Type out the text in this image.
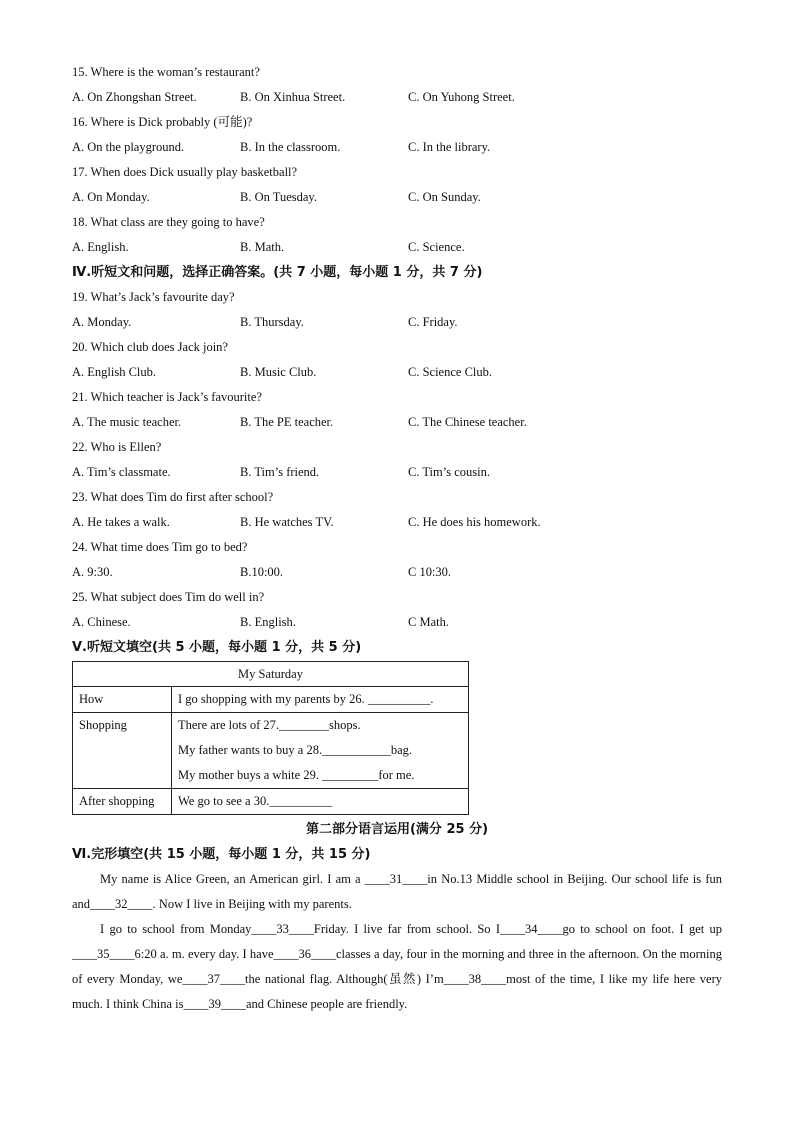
15. Where is the woman’s restaurant?
A. On Zhongshan Street.	B. On Xinhua Street.	C. On Yuhong Street.
16. Where is Dick probably (可能)?
A. On the playground.	B. In the classroom.	C. In the library.
17. When does Dick usually play basketball?
A. On Monday.	B. On Tuesday.	C. On Sunday.
18. What class are they going to have?
A. English.	B. Math.	C. Science.
Ⅳ.听短文和问题，选择正确答案。(共 7 小题，每小题 1 分，共 7 分)
19. What’s Jack’s favourite day?
A. Monday.	B. Thursday.	C. Friday.
20. Which club does Jack join?
A. English Club.	B. Music Club.	C. Science Club.
21. Which teacher is Jack’s favourite?
A. The music teacher.	B. The PE teacher.	C. The Chinese teacher.
22. Who is Ellen?
A. Tim’s classmate.	B. Tim’s friend.	C. Tim’s cousin.
23. What does Tim do first after school?
A. He takes a walk.	B. He watches TV.	C. He does his homework.
24. What time does Tim go to bed?
A. 9:30.	B.10:00.	C 10:30.
25. What subject does Tim do well in?
A. Chinese.	B. English.	C Math.
Ⅴ.听短文填空(共 5 小题，每小题 1 分，共 5 分)
My Saturday	
How	I go shopping with my parents by 26. __________.

Shopping	There are lots of 27.________shops.
My father wants to buy a 28.___________bag.
My mother buys a white 29. _________for me.

After shopping	We go to see a 30.__________
第二部分语言运用(满分 25 分)
Ⅵ.完形填空(共 15 小题，每小题 1 分，共 15 分)

My name is Alice Green, an American girl. I am a ____31____in No.13 Middle school in Beijing. Our school life is fun and____32____. Now I live in Beijing with my parents.

I go to school from Monday____33____Friday. I live far from school. So I____34____go to school on foot. I get up ____35____6:20 a. m. every day. I have____36____classes a day, four in the morning and three in the afternoon. On the morning of every Monday, we____37____the national flag. Although(虽然) I’m____38____most of the time, I like my life here very much. I think China is____39____and Chinese people are friendly.
